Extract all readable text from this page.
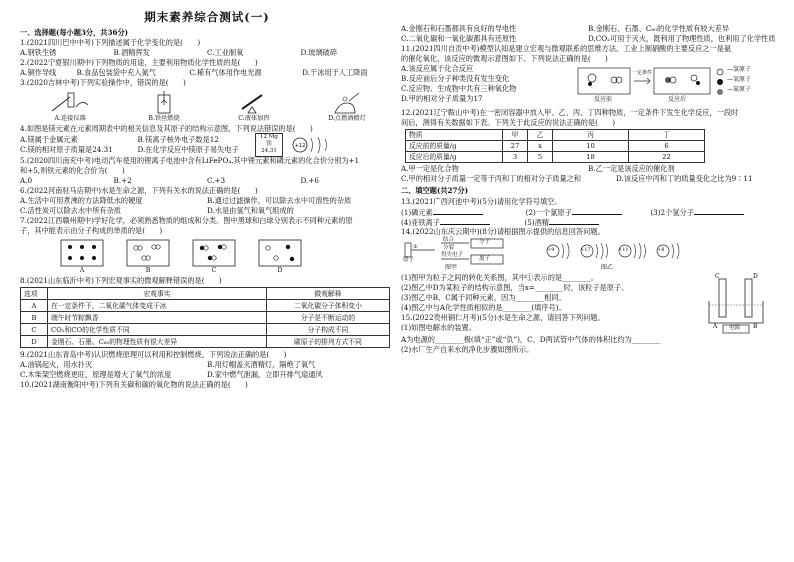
期末素养综合测试(一)
一、选择题(每小题3分，共36分)
1.(2021四川巴中中考)下列描述属于化学变化的是(　　)
A.钢铁生锈	B.酒精挥发	C.工业制氧	D.玻璃破碎
2.(2022宁夏银川期中)下列物质的用途，主要利用物质化学性质的是(　　)
A.铜作导线	B.食品包装袋中充入氮气	C.稀有气体用作电光源	D.干冰用于人工降雨
3.(2020吉林中考)下列实验操作中，错误的是(　　)
A.连接仪器	B.铁丝燃烧	C.液体加热	D.点燃酒精灯
4.如图是镁元素在元素周期表中的相关信息及其原子的结构示意图，下列说法错误的是(　　)
A.镁属于金属元素	B.镁离子核外电子数是12
C.镁的相对原子质量是24.31	D.在化学反应中镁原子易失电子
12 Mg
镁
24.31
+12
5.(2020四川南充中考)电动汽车使用的锂离子电池中含有LiFePO₄,其中锂元素和磷元素的化合价分别为+1
和+5,则铁元素的化合价为(　　)
A.0	B.+2	C.+3	D.+6
6.(2022河南驻马店期中)水是生命之源，下列有关水的说法正确的是(　　)
A.生活中可用煮沸的方法降低水的硬度	B.通过过滤操作，可以除去水中可溶性的杂质
C.活性炭可以除去水中所有杂质	D.水是由氢气和氧气组成的
7.(2022江西赣州期中)学好化学，必须熟悉物质的组成和分类。图中黑球和白球分别表示不同种元素的原
子，其中能表示由分子构成的单质的是(　　)
A	B	C	D
8.(2021山东临沂中考)下列宏观事实的微观解释错误的是(　　)
选项	宏观事实	微观解释
A	在一定条件下，二氧化碳气体变成干冰	二氧化碳分子体积变小
B	端午时节粽飘香	分子是不断运动的
C	CO₂和CO的化学性质不同	分子构成不同
D	金刚石、石墨、C₆₀的物理性质有很大差异	碳原子的排列方式不同
9.(2021山东青岛中考)认识燃烧原理可以利用和控制燃烧，下列说法正确的是(　　)
A.油锅起火，用水扑灭	B.用灯帽盖灭酒精灯，隔绝了氧气
C.木柴架空燃烧更旺，原理是增大了氧气的浓度	D.家中燃气泄漏，立即开排气扇通风
10.(2021湖南衡阳中考)下列有关碳和碳的氧化物的说法正确的是(　　)
A.金刚石和石墨都具有良好的导电性	B.金刚石、石墨、C₆₀的化学性质有较大差异
C.二氧化碳和一氧化碳都具有还原性	D.CO₂可用于灭火，既利用了物理性质，也利用了化学性质
11.(2021四川自贡中考)模型认知是建立宏观与微观联系的思维方法。工业上制硝酸的主要反应之一是氨
的催化氧化，该反应的微观示意图如下。下列说法正确的是(　　)
A.该反应属于化合反应
B.反应前后分子种类没有发生变化
C.反应物、生成物中共有三种氧化物
D.甲的相对分子质量为17
—氢原子
—氧原子
—氮原子
反应前	反应后
一定条件
12.(2021辽宁鞍山中考)在一密闭容器中放入甲、乙、丙、丁四种物质，一定条件下发生化学反应，一段时
间后，测得有关数据如下表。下列关于此反应的说法正确的是(　　)
物质	甲	乙	丙	丁
反应前的质量/g	27	x	10	6
反应后的质量/g	3	5	18	22
A.甲一定是化合物	B.乙一定是该反应的催化剂
C.甲的相对分子质量一定等于丙和丁的相对分子质量之和	D.该反应中丙和丁的质量变化之比为9∶11
二、填空题(共27分)
13.(2021广西河池中考)(5分)请用化学符号填空。
(1)磷元素	(2)一个氯原子	(3)2个氢分子
(4)亚铁离子	(5)酒精
14.(2022山东庆云期中)(8分)请根据图示提供的信息回答问题。
①
结合
分裂
得失电子
分子
原子	离子
+9	+17	+11	+8
图甲	图乙
(1)图甲为粒子之间的转化关系图，其中①表示的是________。
(2)图乙中D为某粒子的结构示意图，当x=________时，该粒子是原子。
(3)图乙中B、C属于同种元素，因为________相同。
(4)图乙中与A化学性质相似的是________(填序号)。
15.(2022贵州铜仁月考)(5分)水是生命之源，请回答下列问题。
(1)如图电解水的装置。
C	D
A	B
电源
A为电源的________极(填“正”或“负”)，C、D两试管中气体的体积比约为________
(2)水厂生产自来水的净化步骤如图所示。
